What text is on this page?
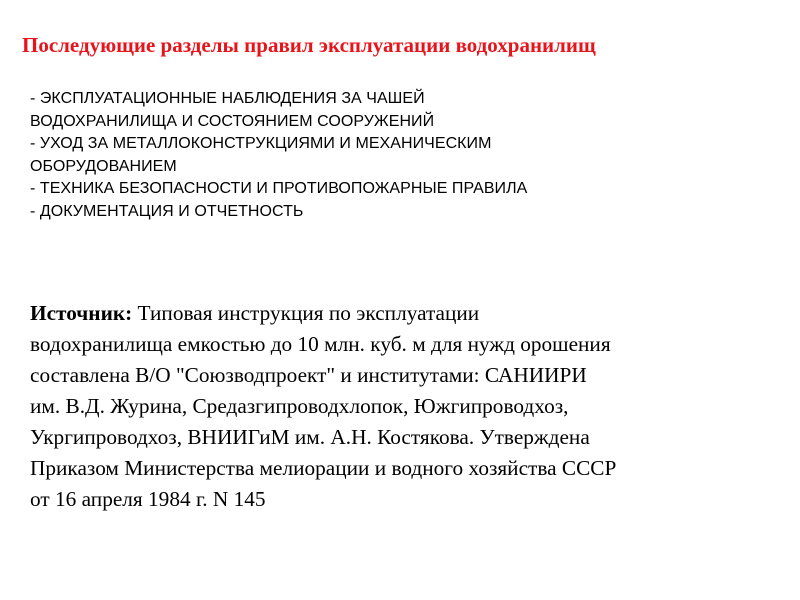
Последующие разделы правил эксплуатации водохранилищ
- ЭКСПЛУАТАЦИОННЫЕ НАБЛЮДЕНИЯ ЗА ЧАШЕЙ
ВОДОХРАНИЛИЩА И СОСТОЯНИЕМ СООРУЖЕНИЙ
- УХОД ЗА МЕТАЛЛОКОНСТРУКЦИЯМИ И МЕХАНИЧЕСКИМ
ОБОРУДОВАНИЕМ
- ТЕХНИКА БЕЗОПАСНОСТИ И ПРОТИВОПОЖАРНЫЕ ПРАВИЛА
- ДОКУМЕНТАЦИЯ И ОТЧЕТНОСТЬ

Источник: Типовая инструкция по эксплуатации
водохранилища емкостью до 10 млн. куб. м для нужд орошения
составлена В/О "Союзводпроект" и институтами: САНИИРИ
им. В.Д. Журина, Средазгипроводхлопок, Южгипроводхоз,
Укргипроводхоз, ВНИИГиМ им. А.Н. Костякова. Утверждена
Приказом Министерства мелиорации и водного хозяйства СССР
от 16 апреля 1984 г. N 145
